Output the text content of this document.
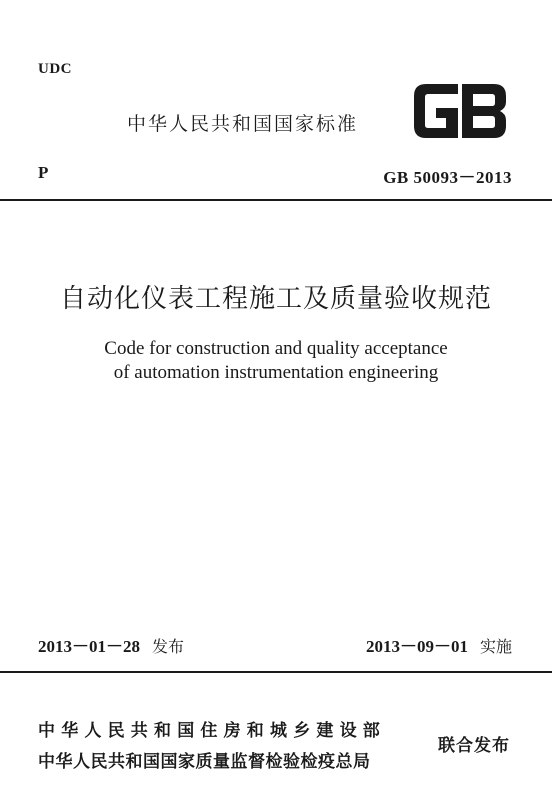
UDC
中华人民共和国国家标准
P	GB 50093－2013
自动化仪表工程施工及质量验收规范
Code for construction and quality acceptance
of automation instrumentation engineering
2013－01－28 发布	2013－09－01 实施
中华人民共和国住房和城乡建设部
中华人民共和国国家质量监督检验检疫总局
联合发布
